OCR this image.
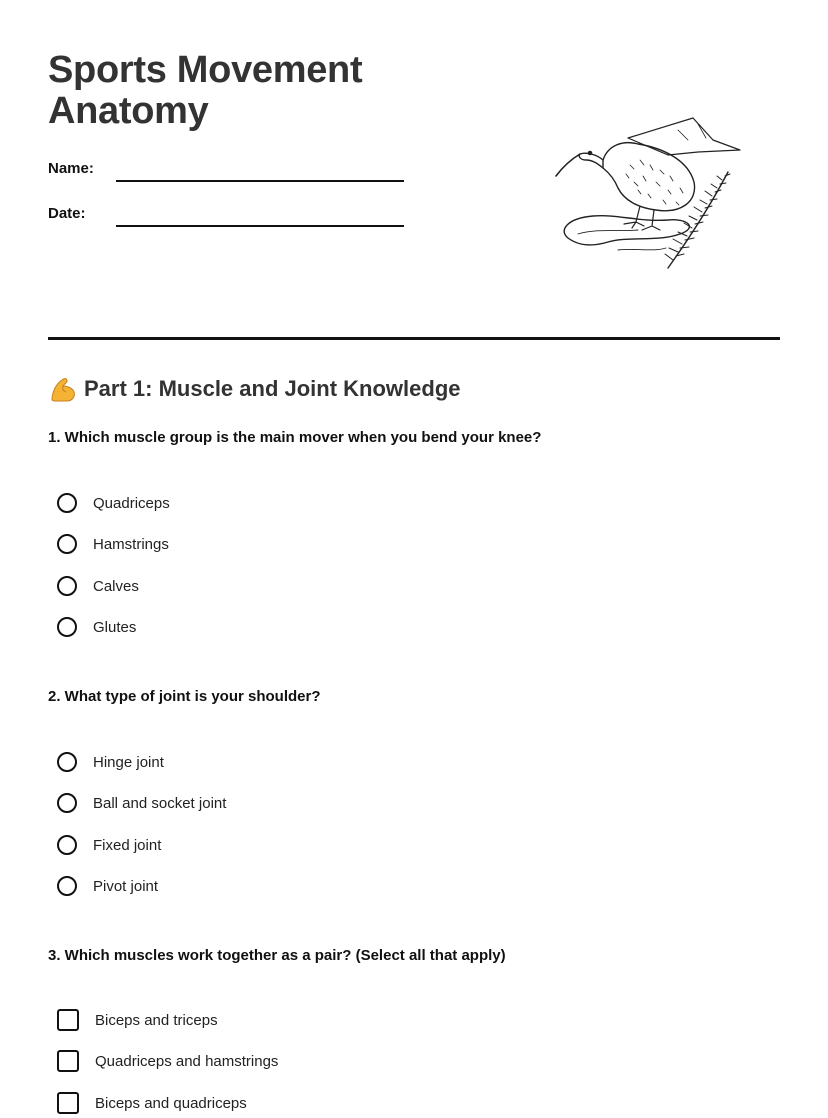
Sports Movement
Anatomy
Name:
Date:
Part 1: Muscle and Joint Knowledge
1. Which muscle group is the main mover when you bend your knee?
Quadriceps
Hamstrings
Calves
Glutes
2. What type of joint is your shoulder?
Hinge joint
Ball and socket joint
Fixed joint
Pivot joint
3. Which muscles work together as a pair? (Select all that apply)
Biceps and triceps
Quadriceps and hamstrings
Biceps and quadriceps
